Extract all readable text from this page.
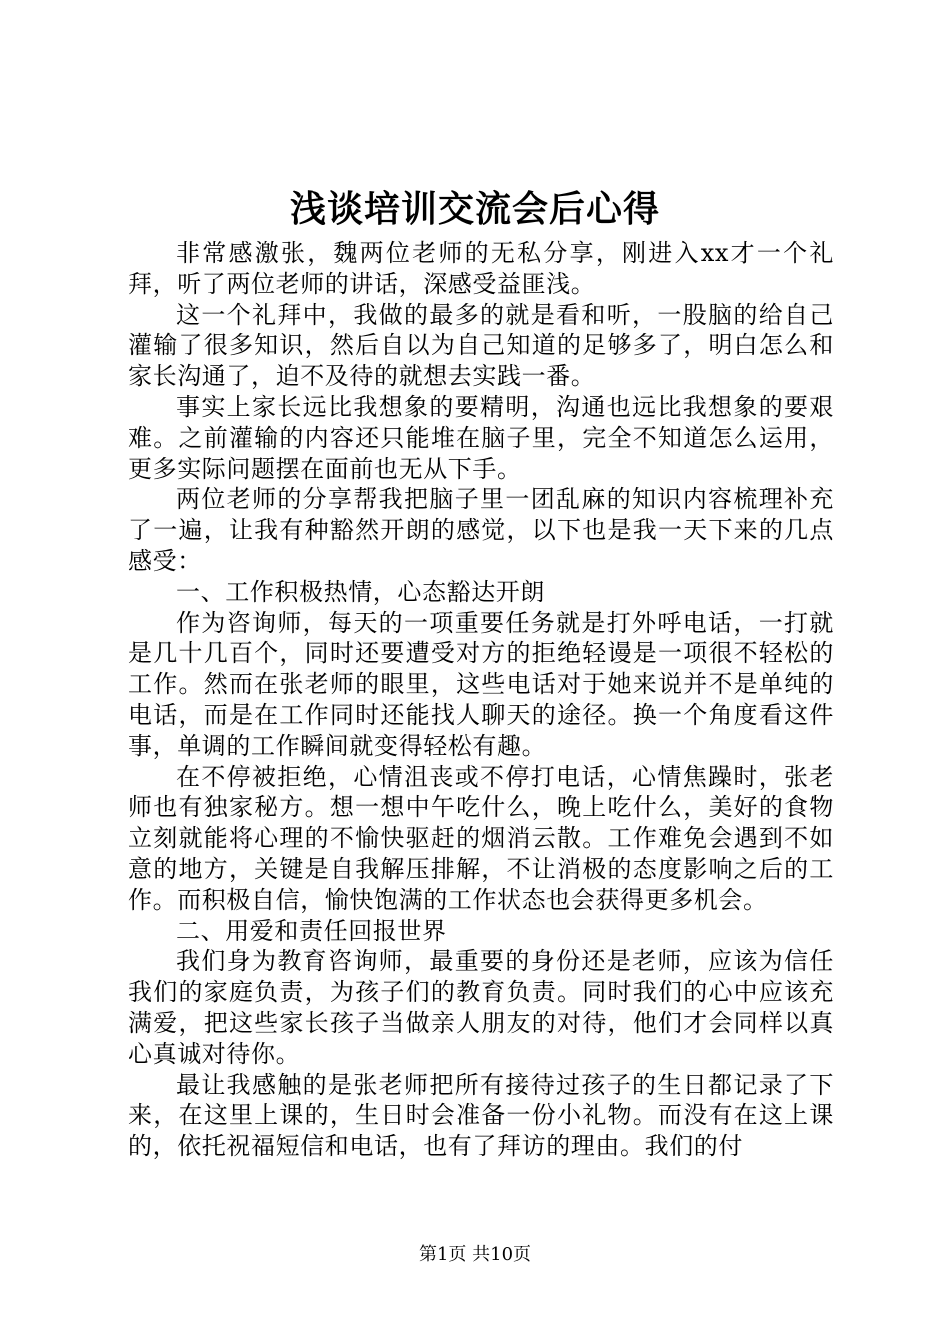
浅谈培训交流会后心得

非常感激张，魏两位老师的无私分享，刚进入xx才一个礼拜，听了两位老师的讲话，深感受益匪浅。

这一个礼拜中，我做的最多的就是看和听，一股脑的给自己灌输了很多知识，然后自以为自己知道的足够多了，明白怎么和家长沟通了，迫不及待的就想去实践一番。

事实上家长远比我想象的要精明，沟通也远比我想象的要艰难。之前灌输的内容还只能堆在脑子里，完全不知道怎么运用，更多实际问题摆在面前也无从下手。

两位老师的分享帮我把脑子里一团乱麻的知识内容梳理补充了一遍，让我有种豁然开朗的感觉，以下也是我一天下来的几点感受：

一、工作积极热情，心态豁达开朗

作为咨询师，每天的一项重要任务就是打外呼电话，一打就是几十几百个，同时还要遭受对方的拒绝轻谩是一项很不轻松的工作。然而在张老师的眼里，这些电话对于她来说并不是单纯的电话，而是在工作同时还能找人聊天的途径。换一个角度看这件事，单调的工作瞬间就变得轻松有趣。

在不停被拒绝，心情沮丧或不停打电话，心情焦躁时，张老师也有独家秘方。想一想中午吃什么，晚上吃什么，美好的食物立刻就能将心理的不愉快驱赶的烟消云散。工作难免会遇到不如意的地方，关键是自我解压排解，不让消极的态度影响之后的工作。而积极自信，愉快饱满的工作状态也会获得更多机会。

二、用爱和责任回报世界

我们身为教育咨询师，最重要的身份还是老师，应该为信任我们的家庭负责，为孩子们的教育负责。同时我们的心中应该充满爱，把这些家长孩子当做亲人朋友的对待，他们才会同样以真心真诚对待你。

最让我感触的是张老师把所有接待过孩子的生日都记录了下来，在这里上课的，生日时会准备一份小礼物。而没有在这上课的，依托祝福短信和电话，也有了拜访的理由。我们的付

第1页 共10页
